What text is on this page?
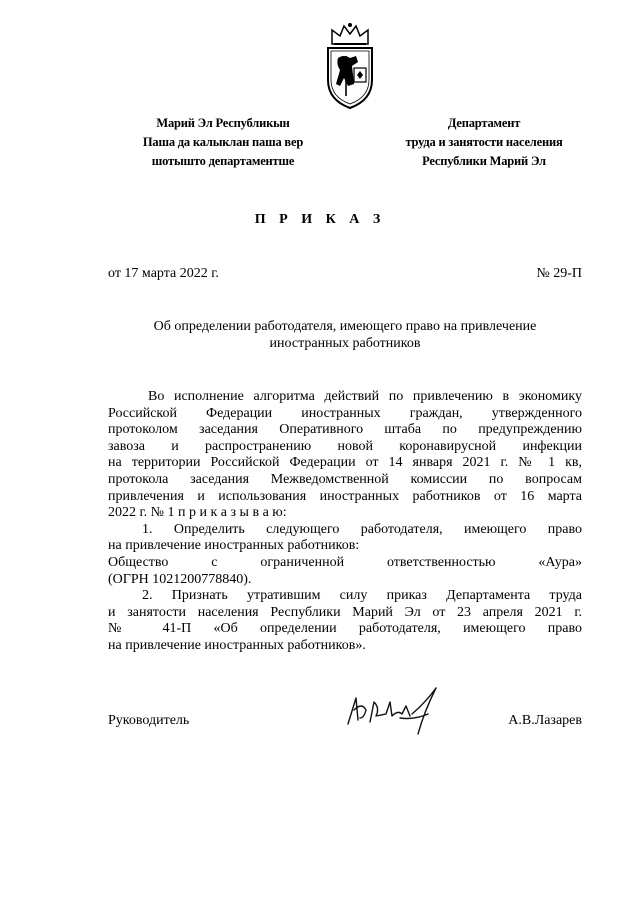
Марий Эл Республикын
Паша да калыклан паша вер
шотышто департаментше
Департамент
труда и занятости населения
Республики Марий Эл
П Р И К А З
от 17 марта 2022 г.	№ 29-П
Об определении работодателя, имеющего право на привлечение
иностранных работников
Во исполнение алгоритма действий по привлечению в экономику
Российской Федерации иностранных граждан, утвержденного
протоколом заседания Оперативного штаба по предупреждению
завоза и распространению новой коронавирусной инфекции
на территории Российской Федерации от 14 января 2021 г. № 1 кв,
протокола заседания Межведомственной комиссии по вопросам
привлечения и использования иностранных работников от 16 марта
2022 г. № 1 п р и к а з ы в а ю:
1. Определить следующего работодателя, имеющего право
на привлечение иностранных работников:
Общество с ограниченной ответственностью «Аура»
(ОГРН 1021200778840).
2. Признать утратившим силу приказ Департамента труда
и занятости населения Республики Марий Эл от 23 апреля 2021 г.
№ 41-П «Об определении работодателя, имеющего право
на привлечение иностранных работников».
Руководитель	А.В.Лазарев
